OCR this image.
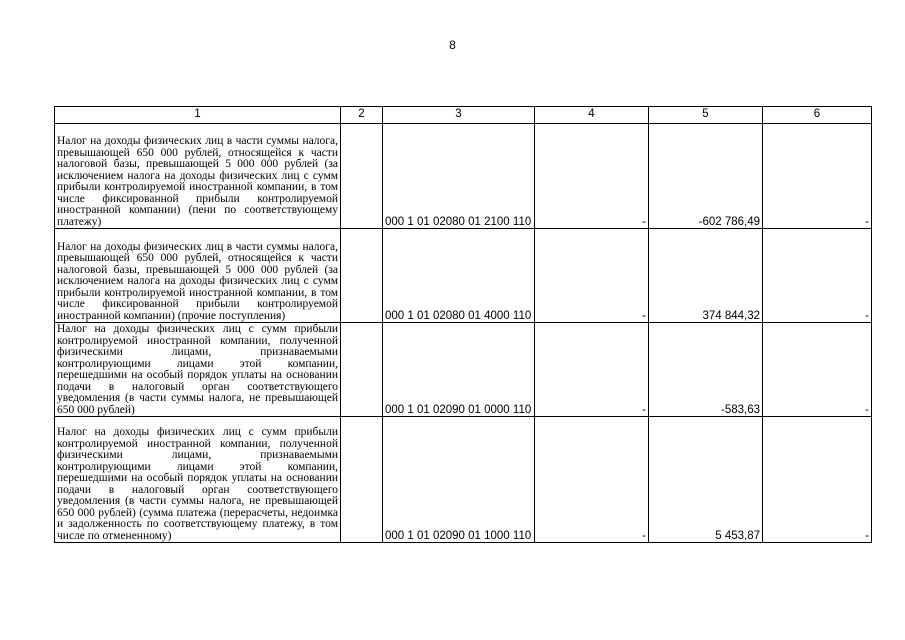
8
1	2	3	4	5	6
Налог на доходы физических лиц в части суммы налога, превышающей 650 000 рублей, относящейся к части налоговой базы, превышающей 5 000 000 рублей (за исключением налога на доходы физических лиц с сумм прибыли контролируемой иностранной компании, в том числе фиксированной прибыли контролируемой иностранной компании) (пени по соответствующему платежу)		000 1 01 02080 01 2100 110	-	-602 786,49	-
Налог на доходы физических лиц в части суммы налога, превышающей 650 000 рублей, относящейся к части налоговой базы, превышающей 5 000 000 рублей (за исключением налога на доходы физических лиц с сумм прибыли контролируемой иностранной компании, в том числе фиксированной прибыли контролируемой иностранной компании) (прочие поступления)		000 1 01 02080 01 4000 110	-	374 844,32	-
Налог на доходы физических лиц с сумм прибыли контролируемой иностранной компании, полученной физическими лицами, признаваемыми контролирующими лицами этой компании, перешедшими на особый порядок уплаты на основании подачи в налоговый орган соответствующего уведомления (в части суммы налога, не превышающей 650 000 рублей)		000 1 01 02090 01 0000 110	-	-583,63	-
Налог на доходы физических лиц с сумм прибыли контролируемой иностранной компании, полученной физическими лицами, признаваемыми контролирующими лицами этой компании, перешедшими на особый порядок уплаты на основании подачи в налоговый орган соответствующего уведомления (в части суммы налога, не превышающей 650 000 рублей) (сумма платежа (перерасчеты, недоимка и задолженность по соответствующему платежу, в том числе по отмененному)		000 1 01 02090 01 1000 110	-	5 453,87	-
